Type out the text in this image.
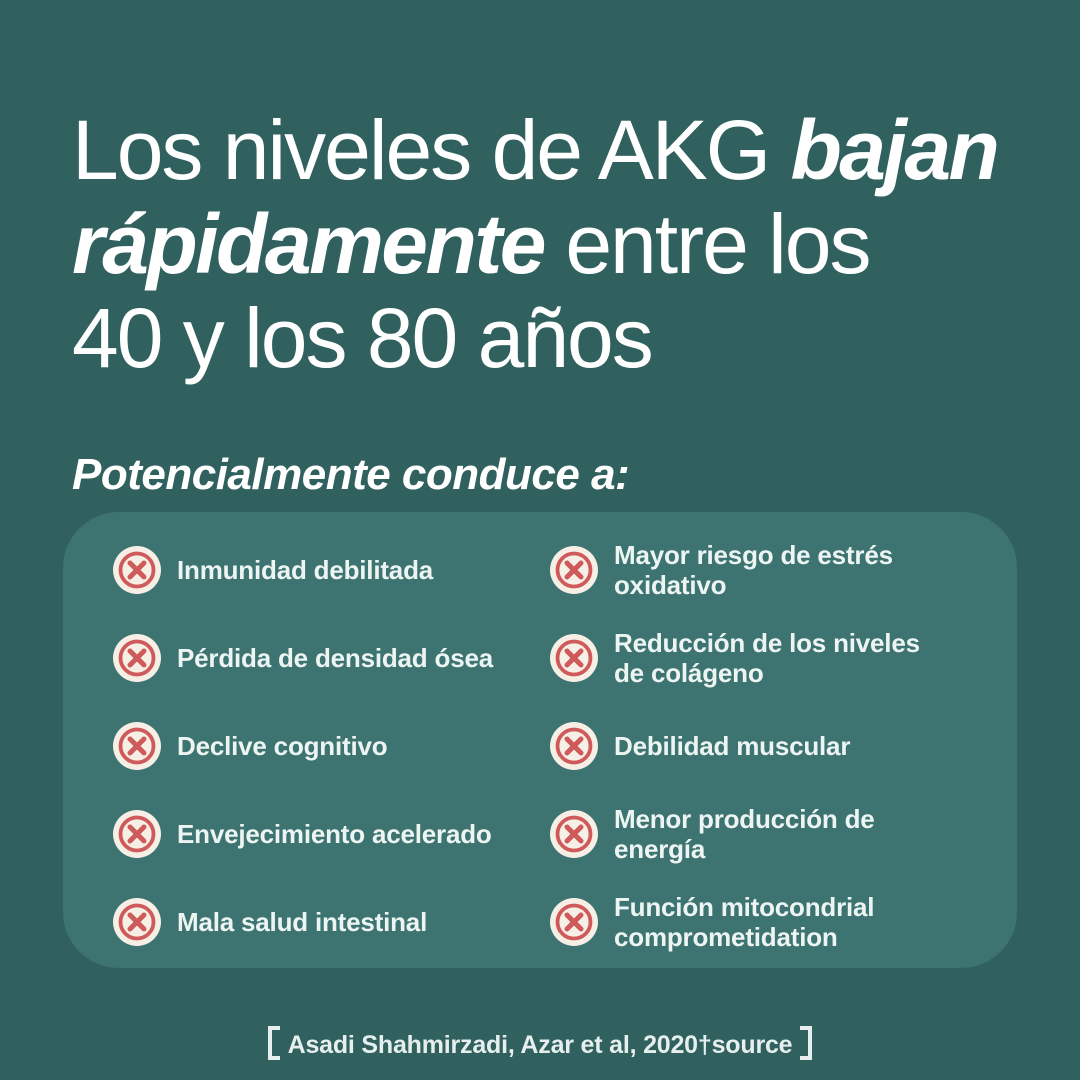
Los niveles de AKG bajan
rápidamente entre los
40 y los 80 años
Potencialmente conduce a:
Inmunidad debilitada
Pérdida de densidad ósea
Declive cognitivo
Envejecimiento acelerado
Mala salud intestinal
Mayor riesgo de estrés oxidativo
Reducción de los niveles de colágeno
Debilidad muscular
Menor producción de energía
Función mitocondrial comprometidation
Asadi Shahmirzadi, Azar et al, 2020†source
